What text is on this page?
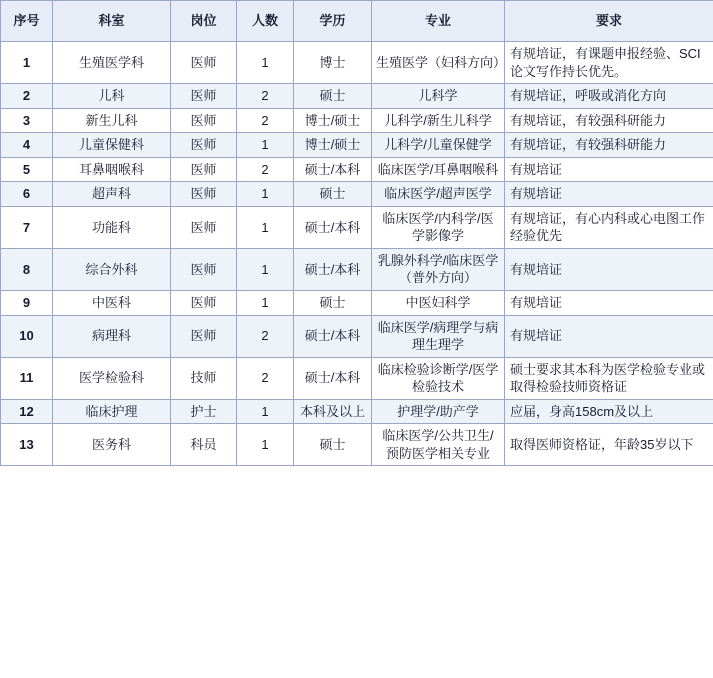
序号	科室	岗位	人数	学历	专业	要求
1	生殖医学科	医师	1	博士	生殖医学（妇科方向）	有规培证，有课题申报经验、SCI论文写作持长优先。
2	儿科	医师	2	硕士	儿科学	有规培证，呼吸或消化方向
3	新生儿科	医师	2	博士/硕士	儿科学/新生儿科学	有规培证，有较强科研能力
4	儿童保健科	医师	1	博士/硕士	儿科学/儿童保健学	有规培证，有较强科研能力
5	耳鼻咽喉科	医师	2	硕士/本科	临床医学/耳鼻咽喉科	有规培证
6	超声科	医师	1	硕士	临床医学/超声医学	有规培证
7	功能科	医师	1	硕士/本科	临床医学/内科学/医学影像学	有规培证，有心内科或心电图工作经验优先
8	综合外科	医师	1	硕士/本科	乳腺外科学/临床医学（普外方向）	有规培证
9	中医科	医师	1	硕士	中医妇科学	有规培证
10	病理科	医师	2	硕士/本科	临床医学/病理学与病理生理学	有规培证
11	医学检验科	技师	2	硕士/本科	临床检验诊断学/医学检验技术	硕士要求其本科为医学检验专业或取得检验技师资格证
12	临床护理	护士	1	本科及以上	护理学/助产学	应届，身高158cm及以上
13	医务科	科员	1	硕士	临床医学/公共卫生/预防医学相关专业	取得医师资格证，年龄35岁以下
